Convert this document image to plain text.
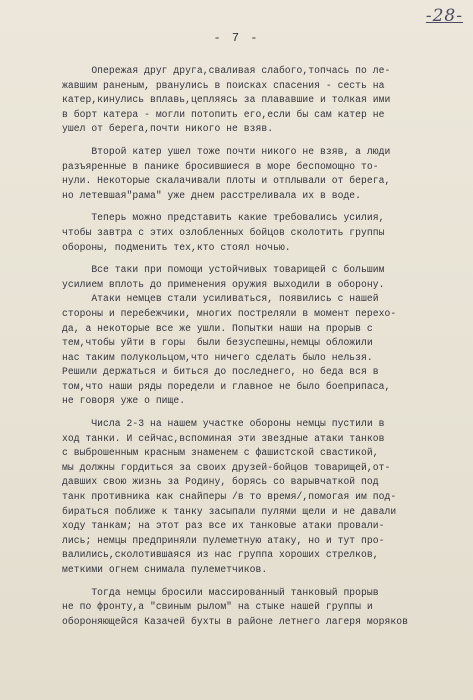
-28-
- 7 -
Опережая друг друга,сваливая слабого,топчась по ле-
жавшим раненым, рванулись в поисках спасения - сесть на
катер,кинулись вплавь,цепляясь за плававшие и толкая ими
в борт катера - могли потопить его,если бы сам катер не
ушел от берега,почти никого не взяв.
Второй катер ушел тоже почти никого не взяв, а люди
разъяренные в панике бросившиеся в море беспомощно то-
нули. Некоторые скалачивали плоты и отплывали от берега,
но летевшая"рама" уже днем расстреливала их в воде.
Теперь можно представить какие требовались усилия,
чтобы завтра с этих озлобленных бойцов сколотить группы
обороны, подменить тех,кто стоял ночью.
Все таки при помощи устойчивых товарищей с большим
усилием вплоть до применения оружия выходили в оборону.
Атаки немцев стали усиливаться, появились с нашей
стороны и перебежчики, многих постреляли в момент перехо-
да, а некоторые все же ушли. Попытки наши на прорыв с
тем,чтобы уйти в горы  были безуспешны,немцы обложили
нас таким полукольцом,что ничего сделать было нельзя.
Решили держаться и биться до последнего, но беда вся в
том,что наши ряды поредели и главное не было боеприпаса,
не говоря уже о пище.
Числа 2-3 на нашем участке обороны немцы пустили в
ход танки. И сейчас,вспоминая эти звездные атаки танков
с выброшенным красным знаменем с фашистской свастикой,
мы должны гордиться за своих друзей-бойцов товарищей,от-
давших свою жизнь за Родину, борясь со варывчаткой под
танк противника как снайперы /в то время/,помогая им под-
бираться поближе к танку засыпали пулями щели и не давали
ходу танкам; на этот раз все их танковые атаки провали-
лись; немцы предприняли пулеметную атаку, но и тут про-
валились,сколотившаяся из нас группа хороших стрелков,
меткими огнем снимала пулеметчиков.
Тогда немцы бросили массированный танковый прорыв
не по фронту,а "свиным рылом" на стыке нашей группы и
обороняющейся Казачей бухты в районе летнего лагеря моряков
